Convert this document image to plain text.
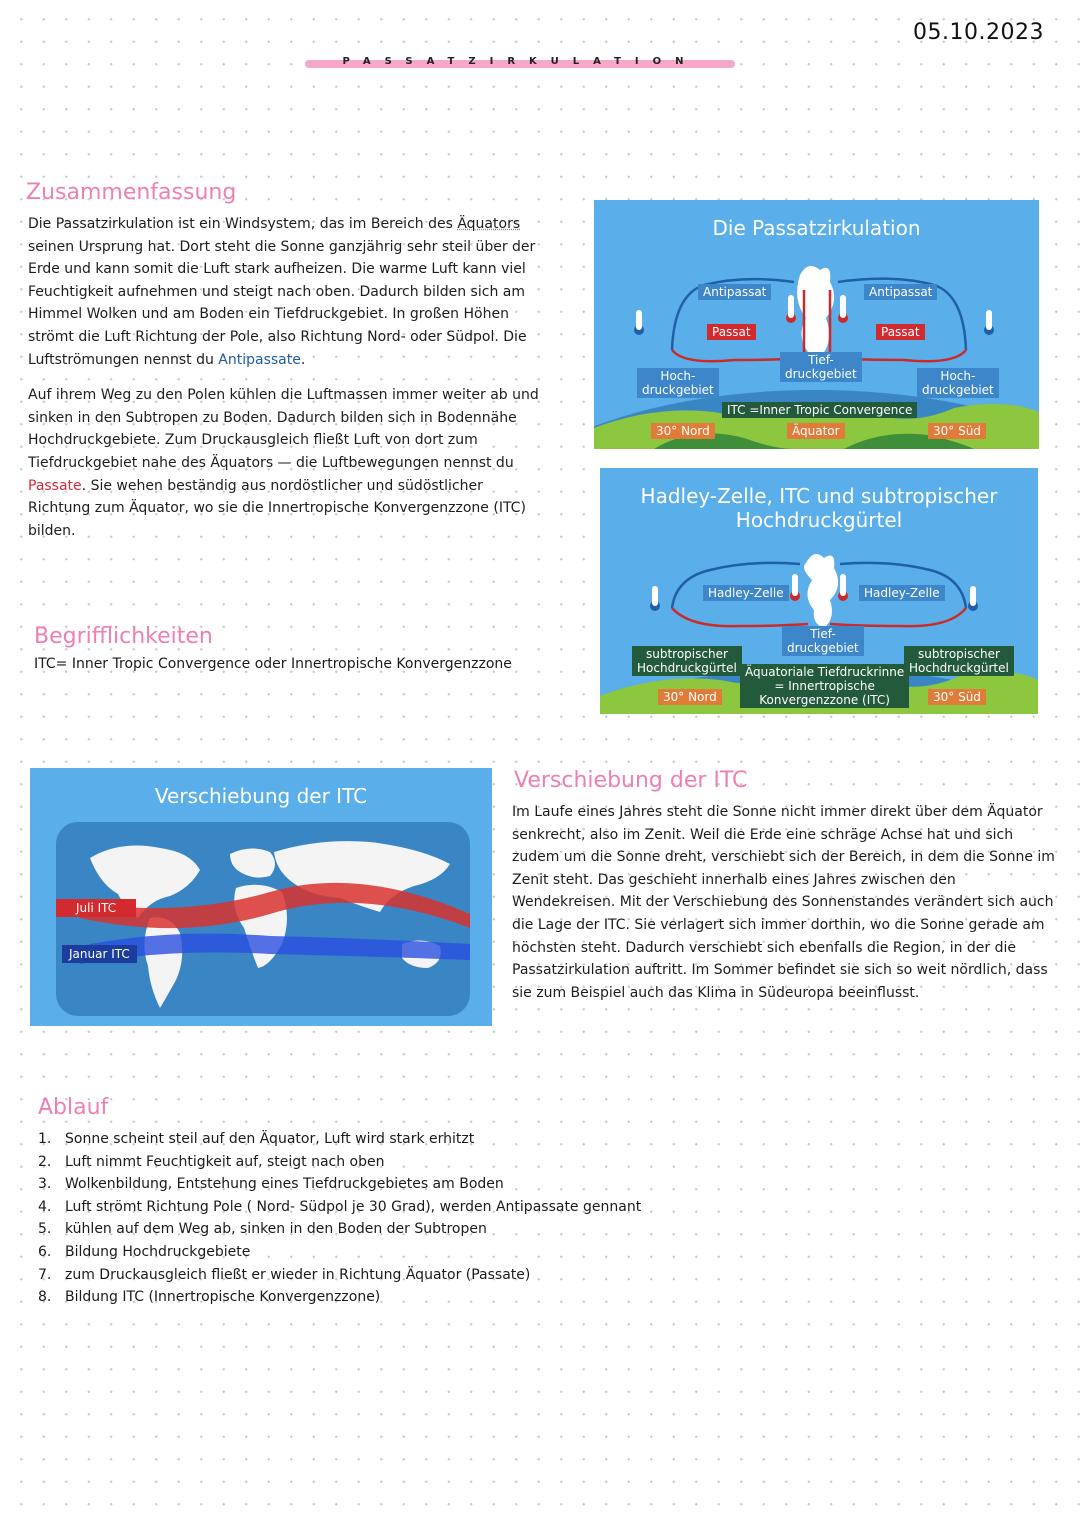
05.10.2023
PASSATZIRKULATION
Zusammenfassung

Die Passatzirkulation ist ein Windsystem, das im Bereich des Äquators seinen Ursprung hat. Dort steht die Sonne ganzjährig sehr steil über der Erde und kann somit die Luft stark aufheizen. Die warme Luft kann viel Feuchtigkeit aufnehmen und steigt nach oben. Dadurch bilden sich am Himmel Wolken und am Boden ein Tiefdruckgebiet. In großen Höhen strömt die Luft Richtung der Pole, also Richtung Nord- oder Südpol. Die Luftströmungen nennst du Antipassate.

Auf ihrem Weg zu den Polen kühlen die Luftmassen immer weiter ab und sinken in den Subtropen zu Boden. Dadurch bilden sich in Bodennähe Hochdruckgebiete. Zum Druckausgleich fließt Luft von dort zum Tiefdruckgebiet nahe des Äquators — die Luftbewegungen nennst du Passate. Sie wehen beständig aus nordöstlicher und südöstlicher Richtung zum Äquator, wo sie die Innertropische Konvergenzzone (ITC) bilden.

Begrifflichkeiten
ITC= Inner Tropic Convergence oder Innertropische Konvergenzzone
Die Passatzirkulation
Antipassat	Antipassat
Passat	Passat
Tief-
druckgebiet
Hoch-
druckgebiet
Hoch-
druckgebiet
ITC =Inner Tropic Convergence
30° Nord	Äquator	30° Süd
Hadley-Zelle, ITC und subtropischer
Hochdruckgürtel
Hadley-Zelle	Hadley-Zelle
Tief-
druckgebiet
subtropischer
Hochdruckgürtel
subtropischer
Hochdruckgürtel
Äquatoriale Tiefdruckrinne
= Innertropische
Konvergenzzone (ITC)
30° Nord	30° Süd
Verschiebung der ITC
Juli ITC
Januar ITC
Verschiebung der ITC
Im Laufe eines Jahres steht die Sonne nicht immer direkt über dem Äquator senkrecht, also im Zenit. Weil die Erde eine schräge Achse hat und sich zudem um die Sonne dreht, verschiebt sich der Bereich, in dem die Sonne im Zenit steht. Das geschieht innerhalb eines Jahres zwischen den Wendekreisen. Mit der Verschiebung des Sonnenstandes verändert sich auch die Lage der ITC. Sie verlagert sich immer dorthin, wo die Sonne gerade am höchsten steht. Dadurch verschiebt sich ebenfalls die Region, in der die Passatzirkulation auftritt. Im Sommer befindet sie sich so weit nördlich, dass sie zum Beispiel auch das Klima in Südeuropa beeinflusst.
Ablauf
1. Sonne scheint steil auf den Äquator, Luft wird stark erhitzt
2. Luft nimmt Feuchtigkeit auf, steigt nach oben
3. Wolkenbildung, Entstehung eines Tiefdruckgebietes am Boden
4. Luft strömt Richtung Pole ( Nord- Südpol je 30 Grad), werden Antipassate gennant
5. kühlen auf dem Weg ab, sinken in den Boden der Subtropen
6. Bildung Hochdruckgebiete
7. zum Druckausgleich fließt er wieder in Richtung Äquator (Passate)
8. Bildung ITC (Innertropische Konvergenzzone)
